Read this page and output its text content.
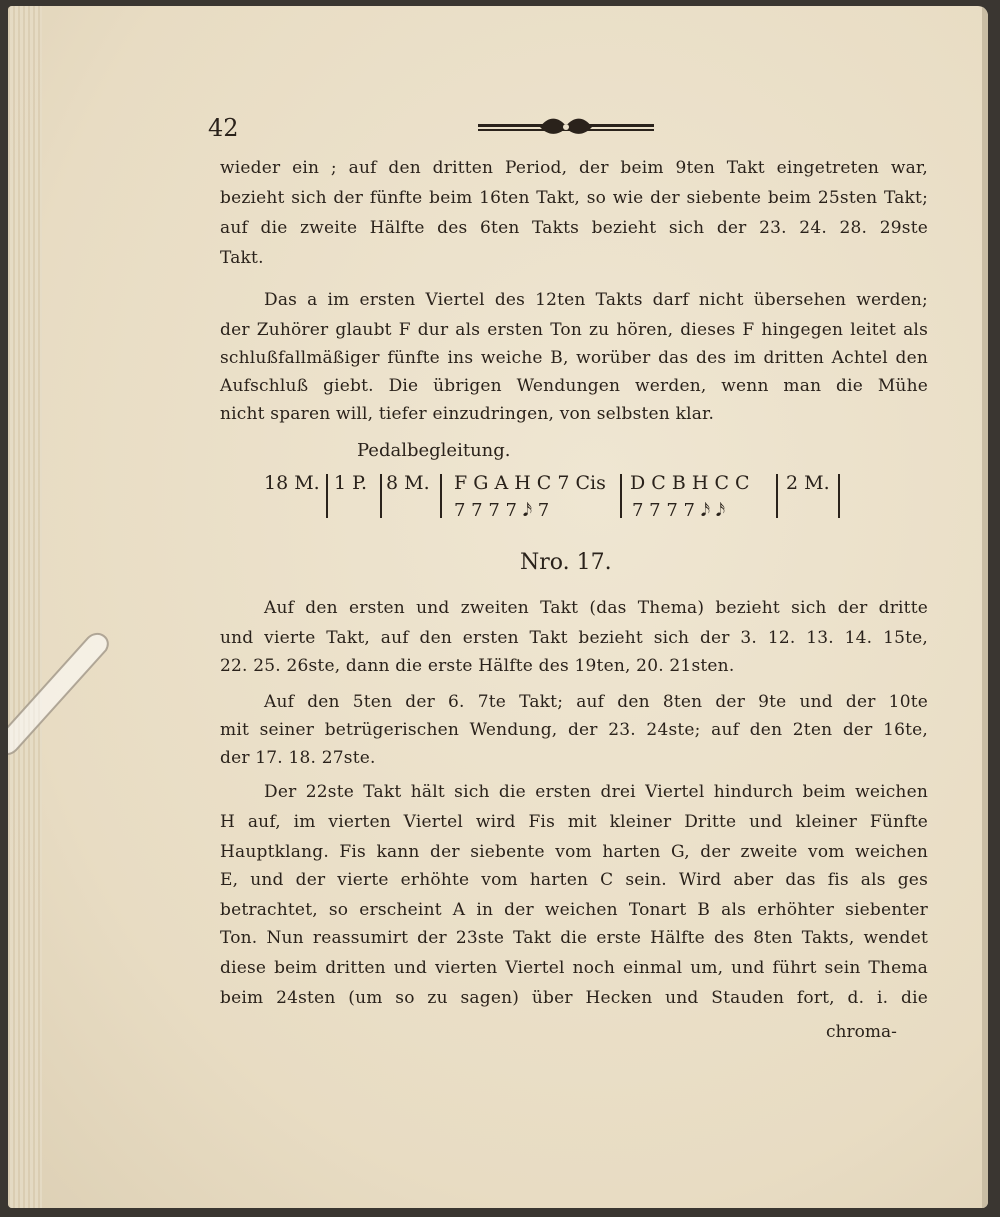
42
wieder ein ; auf den dritten Period, der beim 9ten Takt eingetreten war,
bezieht sich der fünfte beim 16ten Takt, so wie der siebente beim 25sten Takt;
auf die zweite Hälfte des 6ten Takts bezieht sich der 23. 24. 28. 29ste
Takt.
Das a im ersten Viertel des 12ten Takts darf nicht übersehen werden;
der Zuhörer glaubt F dur als ersten Ton zu hören, dieses F hingegen leitet als
schlußfallmäßiger fünfte ins weiche B, worüber das des im dritten Achtel den
Aufschluß giebt. Die übrigen Wendungen werden, wenn man die Mühe
nicht sparen will, tiefer einzudringen, von selbsten klar.
Pedalbegleitung.
18 M. 1 P. 8 M. F G A H C 7 Cis D C B H C C 2 M.
7 7 7 7 𝅘𝅥𝅯 7	7 7 7 7 𝅘𝅥𝅯 𝅘𝅥𝅯
Nro. 17.
Auf den ersten und zweiten Takt (das Thema) bezieht sich der dritte
und vierte Takt, auf den ersten Takt bezieht sich der 3. 12. 13. 14. 15te,
22. 25. 26ste, dann die erste Hälfte des 19ten, 20. 21sten.
Auf den 5ten der 6. 7te Takt; auf den 8ten der 9te und der 10te
mit seiner betrügerischen Wendung, der 23. 24ste; auf den 2ten der 16te,
der 17. 18. 27ste.
Der 22ste Takt hält sich die ersten drei Viertel hindurch beim weichen
H auf, im vierten Viertel wird Fis mit kleiner Dritte und kleiner Fünfte
Hauptklang. Fis kann der siebente vom harten G, der zweite vom weichen
E, und der vierte erhöhte vom harten C sein. Wird aber das fis als ges
betrachtet, so erscheint A in der weichen Tonart B als erhöhter siebenter
Ton. Nun reassumirt der 23ste Takt die erste Hälfte des 8ten Takts, wendet
diese beim dritten und vierten Viertel noch einmal um, und führt sein Thema
beim 24sten (um so zu sagen) über Hecken und Stauden fort, d. i. die
chroma-
